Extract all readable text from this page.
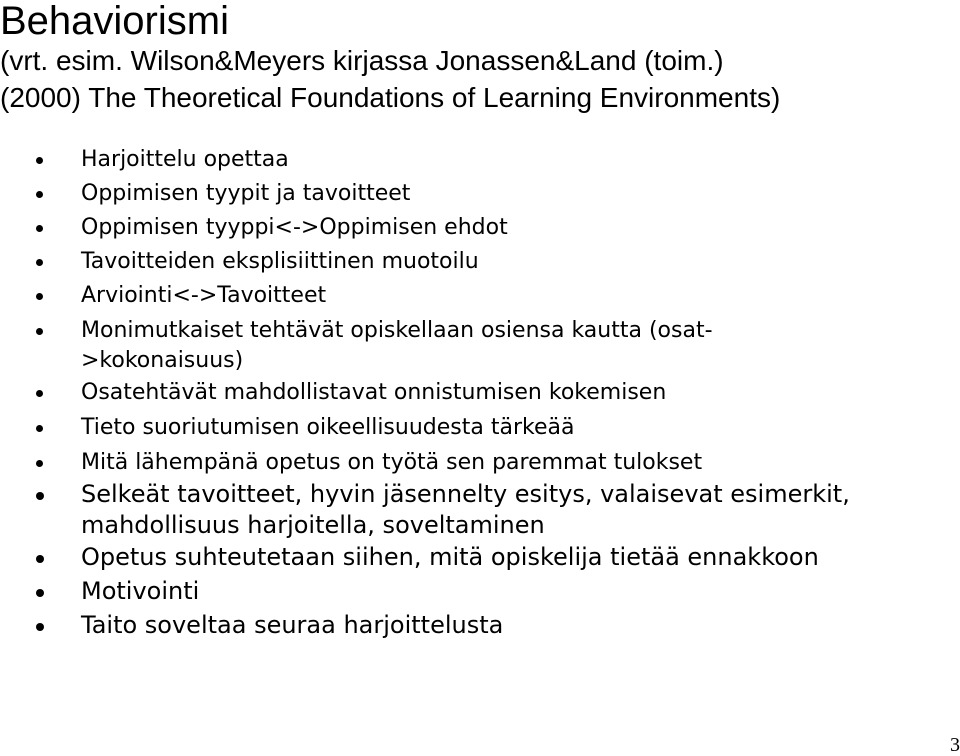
Behaviorismi

(vrt. esim. Wilson&Meyers kirjassa Jonassen&Land (toim.)

(2000) The Theoretical Foundations of Learning Environments)

Harjoittelu opettaa
Oppimisen tyypit ja tavoitteet
Oppimisen tyyppi<->Oppimisen ehdot
Tavoitteiden eksplisiittinen muotoilu
Arviointi<->Tavoitteet
Monimutkaiset tehtävät opiskellaan osiensa kautta (osat-
>kokonaisuus)
Osatehtävät mahdollistavat onnistumisen kokemisen
Tieto suoriutumisen oikeellisuudesta tärkeää
Mitä lähempänä opetus on työtä sen paremmat tulokset
Selkeät tavoitteet, hyvin jäsennelty esitys, valaisevat esimerkit,
mahdollisuus harjoitella, soveltaminen
Opetus suhteutetaan siihen, mitä opiskelija tietää ennakkoon
Motivointi
Taito soveltaa seuraa harjoittelusta
3
